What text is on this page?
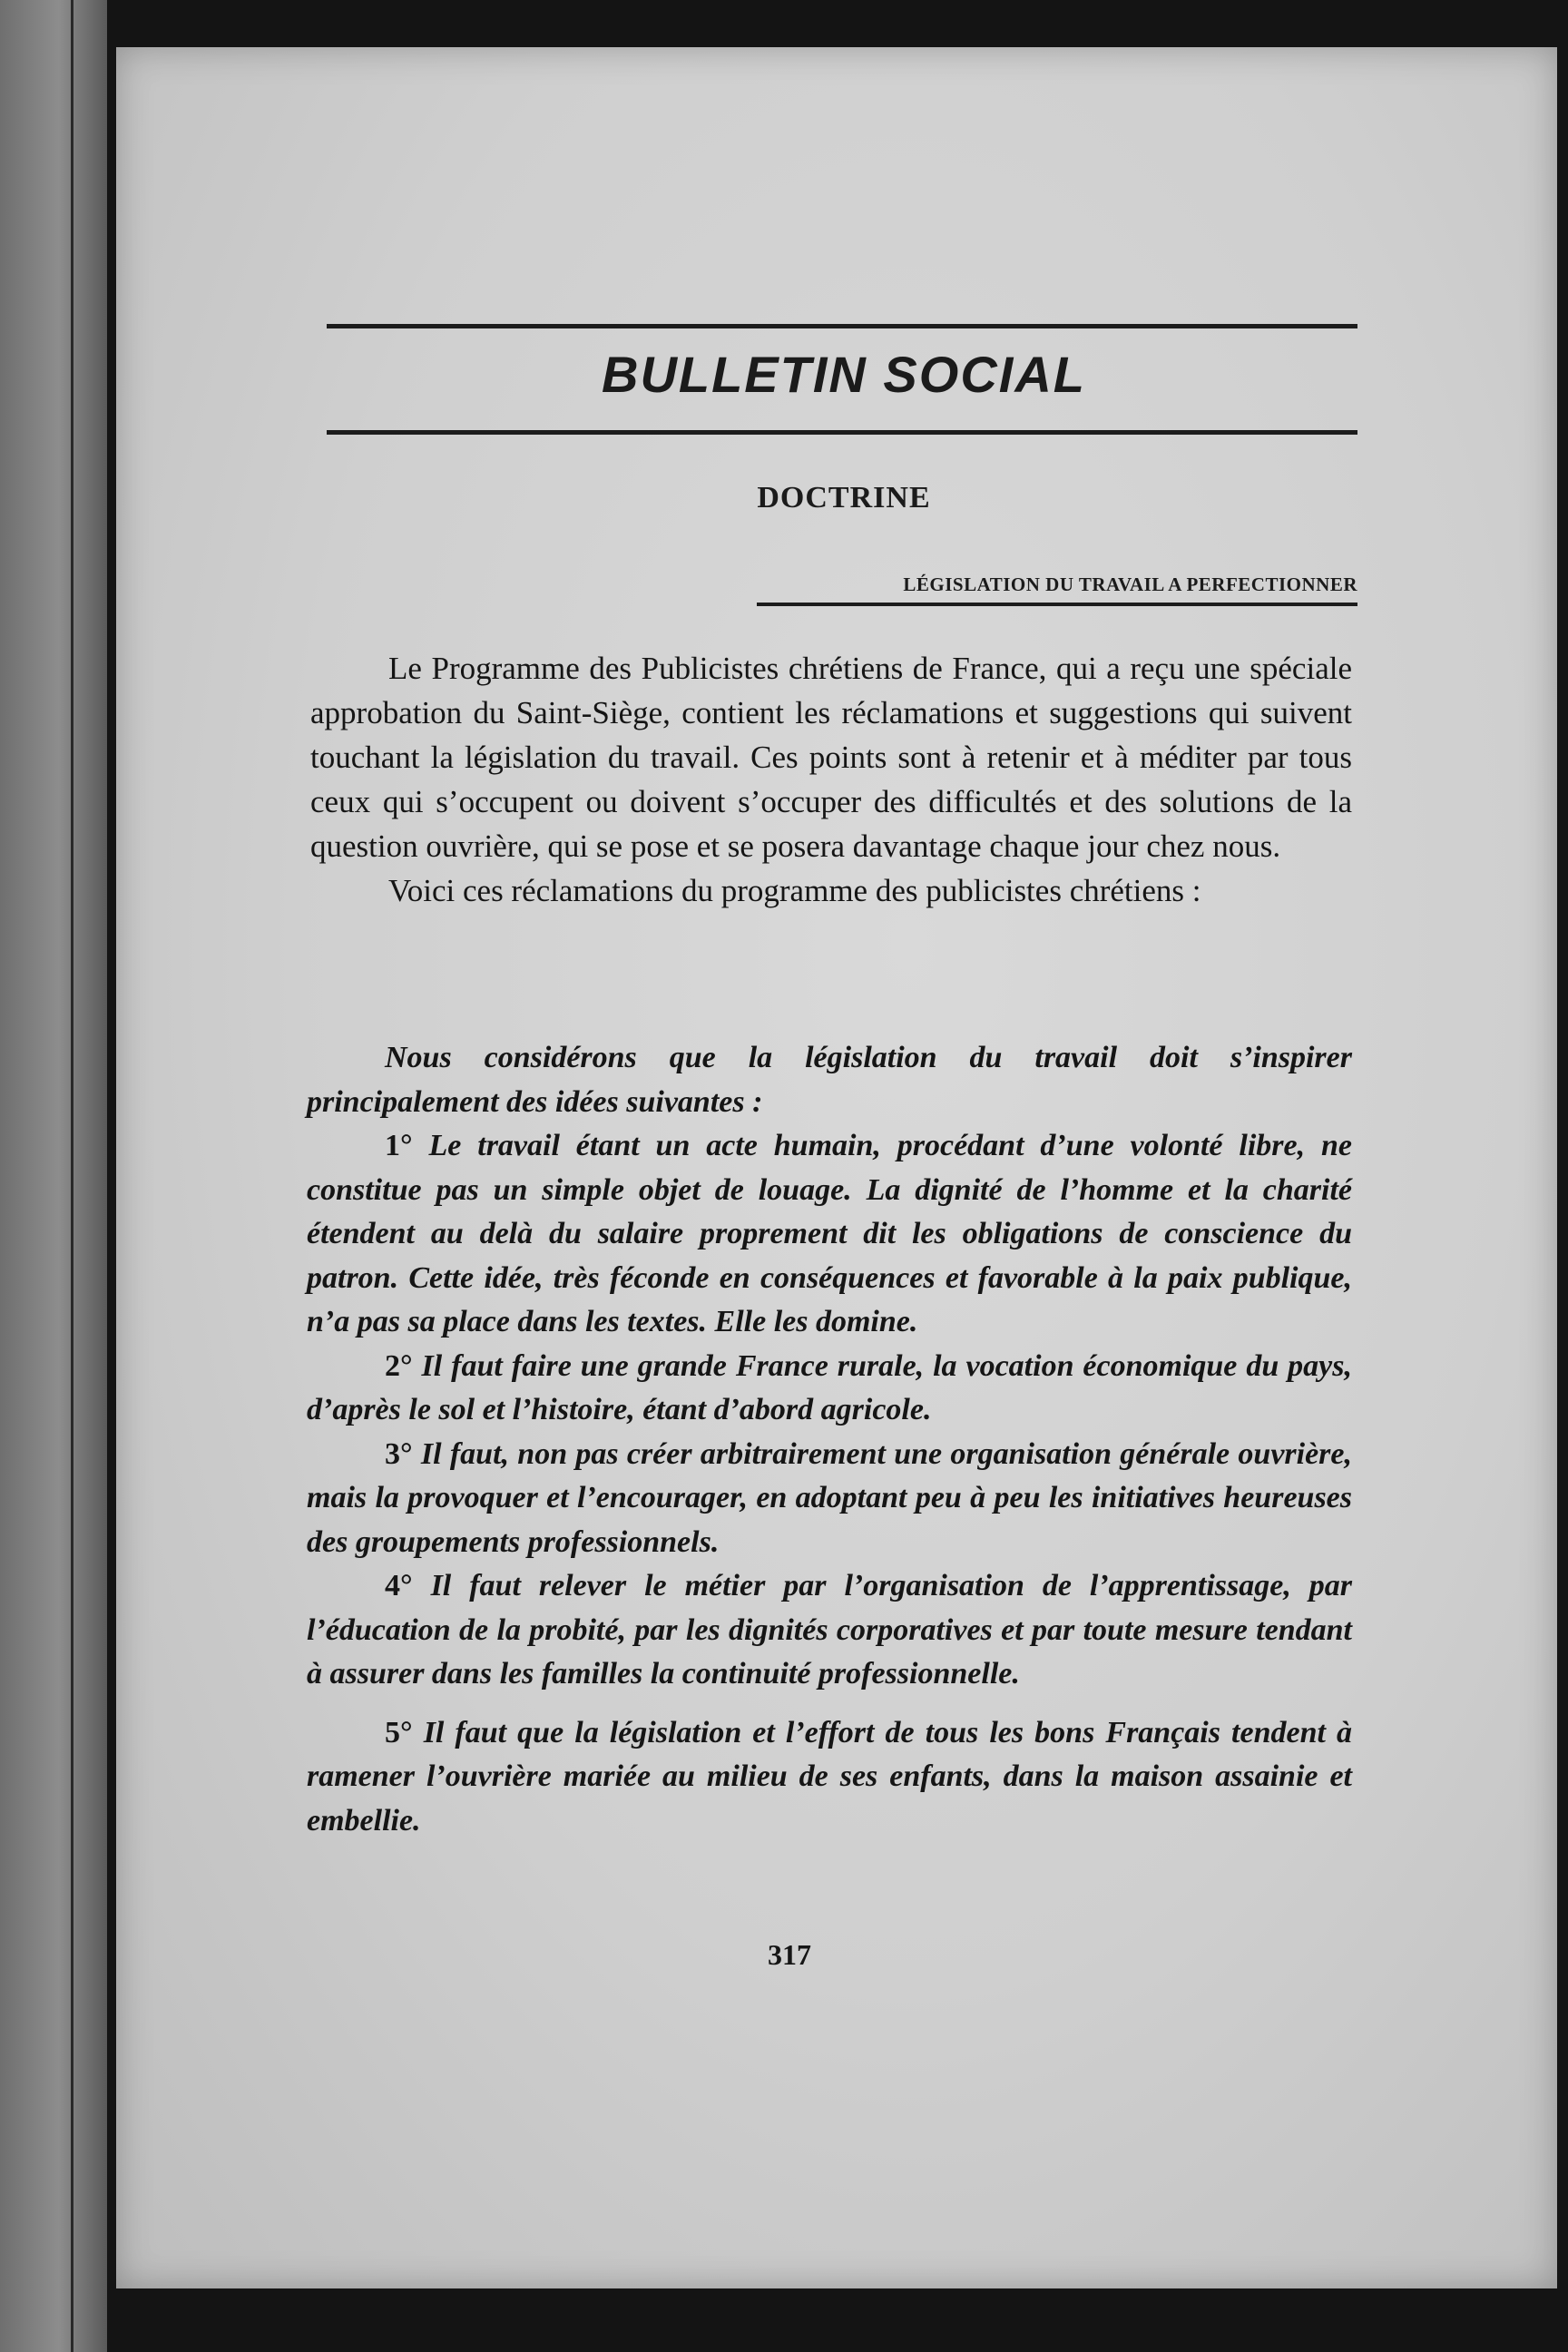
BULLETIN SOCIAL
DOCTRINE
LÉGISLATION DU TRAVAIL A PERFECTIONNER

Le Programme des Publicistes chrétiens de France, qui a reçu une spéciale approbation du Saint-Siège, contient les réclamations et suggestions qui suivent touchant la législation du travail. Ces points sont à retenir et à méditer par tous ceux qui s’occupent ou doivent s’occuper des difficultés et des solutions de la question ouvrière, qui se pose et se posera davantage chaque jour chez nous.

Voici ces réclamations du programme des publicistes chrétiens :

Nous considérons que la législation du travail doit s’inspirer principalement des idées suivantes :

1° Le travail étant un acte humain, procédant d’une volonté libre, ne constitue pas un simple objet de louage. La dignité de l’homme et la charité étendent au delà du salaire proprement dit les obligations de conscience du patron. Cette idée, très féconde en conséquences et favorable à la paix publique, n’a pas sa place dans les textes. Elle les domine.

2° Il faut faire une grande France rurale, la vocation économique du pays, d’après le sol et l’histoire, étant d’abord agricole.

3° Il faut, non pas créer arbitrairement une organisation générale ouvrière, mais la provoquer et l’encourager, en adoptant peu à peu les initiatives heureuses des groupements professionnels.

4° Il faut relever le métier par l’organisation de l’apprentissage, par l’éducation de la probité, par les dignités corporatives et par toute mesure tendant à assurer dans les familles la continuité professionnelle.

5° Il faut que la législation et l’effort de tous les bons Français tendent à ramener l’ouvrière mariée au milieu de ses enfants, dans la maison assainie et embellie.

317
